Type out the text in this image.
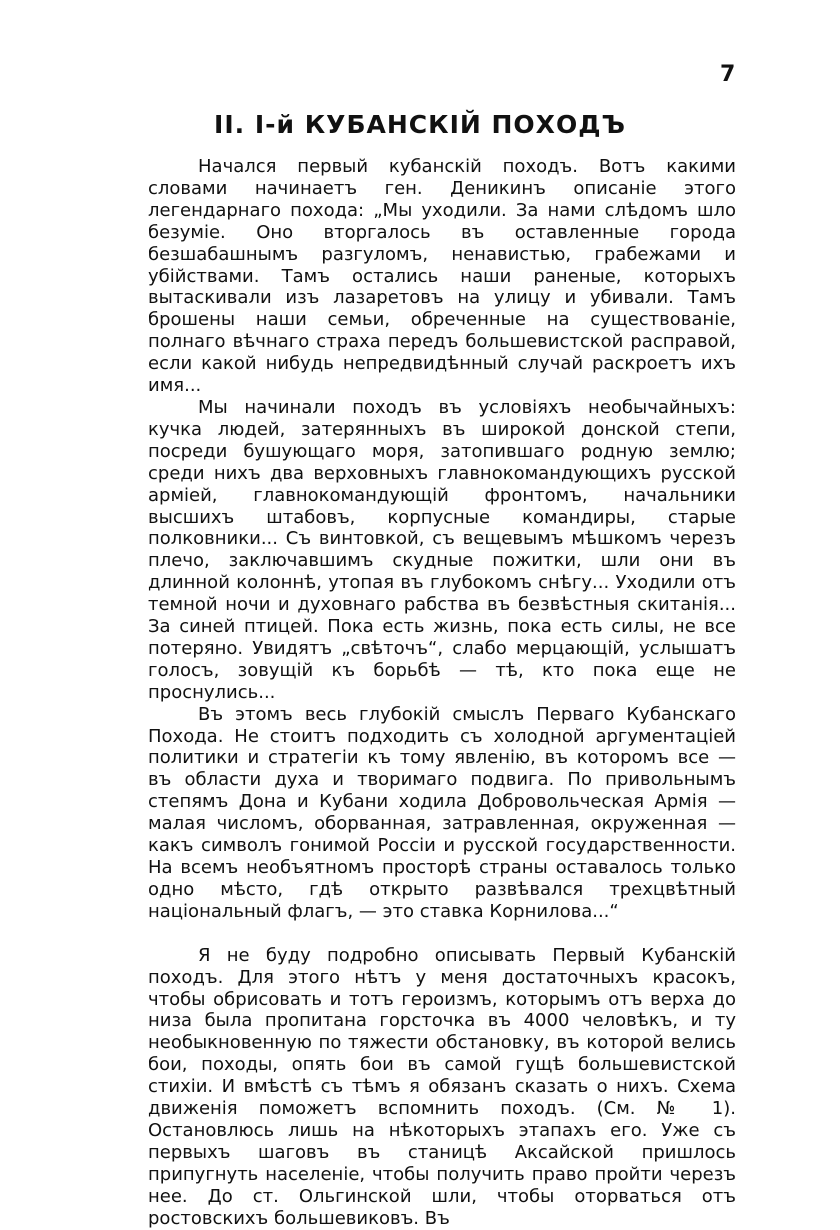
7
II. I-й КУБАНСКIЙ ПОХОДЪ

Начался первый кубанскiй походъ. Вотъ какими словами начинаетъ ген. Деникинъ описанiе этого легендарнаго похода: „Мы уходили. За нами слѣдомъ шло безумiе. Оно вторгалось въ оставленные города безшабашнымъ разгуломъ, ненавистью, грабежами и убiйствами. Тамъ остались наши раненые, которыхъ вытаскивали изъ лазаретовъ на улицу и убивали. Тамъ брошены наши семьи, обреченные на существованiе, полнаго вѣчнаго страха передъ большевистской расправой, если какой нибудь непредвидѣнный случай раскроетъ ихъ имя...

Мы начинали походъ въ условiяхъ необычайныхъ: кучка людей, затерянныхъ въ широкой донской степи, посреди бушующаго моря, затопившаго родную землю; среди нихъ два верховныхъ главнокомандующихъ русской армiей, главнокомандующiй фронтомъ, начальники высшихъ штабовъ, корпусные командиры, старые полковники... Съ винтовкой, съ вещевымъ мѣшкомъ черезъ плечо, заключавшимъ скудные пожитки, шли они въ длинной колоннѣ, утопая въ глубокомъ снѣгу... Уходили отъ темной ночи и духовнаго рабства въ безвѣстныя скитанiя... За синей птицей. Пока есть жизнь, пока есть силы, не все потеряно. Увидятъ „свѣточъ“, слабо мерцающiй, услышатъ голосъ, зовущiй къ борьбѣ — тѣ, кто пока еще не проснулись...

Въ этомъ весь глубокiй смыслъ Перваго Кубанскаго Похода. Не стоитъ подходить съ холодной аргументацiей политики и стратегiи къ тому явленiю, въ которомъ все — въ области духа и творимаго подвига. По привольнымъ степямъ Дона и Кубани ходила Добровольческая Армiя — малая числомъ, оборванная, затравленная, окруженная — какъ символъ гонимой Россiи и русской государственности. На всемъ необъятномъ просторѣ страны оставалось только одно мѣсто, гдѣ открыто развѣвался трехцвѣтный нацiональный флагъ, — это ставка Корнилова...“

Я не буду подробно описывать Первый Кубанскiй походъ. Для этого нѣтъ у меня достаточныхъ красокъ, чтобы обрисовать и тотъ героизмъ, которымъ отъ верха до низа была пропитана горсточка въ 4000 человѣкъ, и ту необыкновенную по тяжести обстановку, въ которой велись бои, походы, опять бои въ самой гущѣ большевистской стихiи. И вмѣстѣ съ тѣмъ я обязанъ сказать о нихъ. Схема движенiя поможетъ вспомнить походъ. (См. № 1). Остановлюсь лишь на нѣкоторыхъ этапахъ его. Уже съ первыхъ шаговъ въ станицѣ Аксайской пришлось припугнуть населенiе, чтобы получить право пройти черезъ нее. До ст. Ольгинской шли, чтобы оторваться отъ ростовскихъ большевиковъ. Въ
